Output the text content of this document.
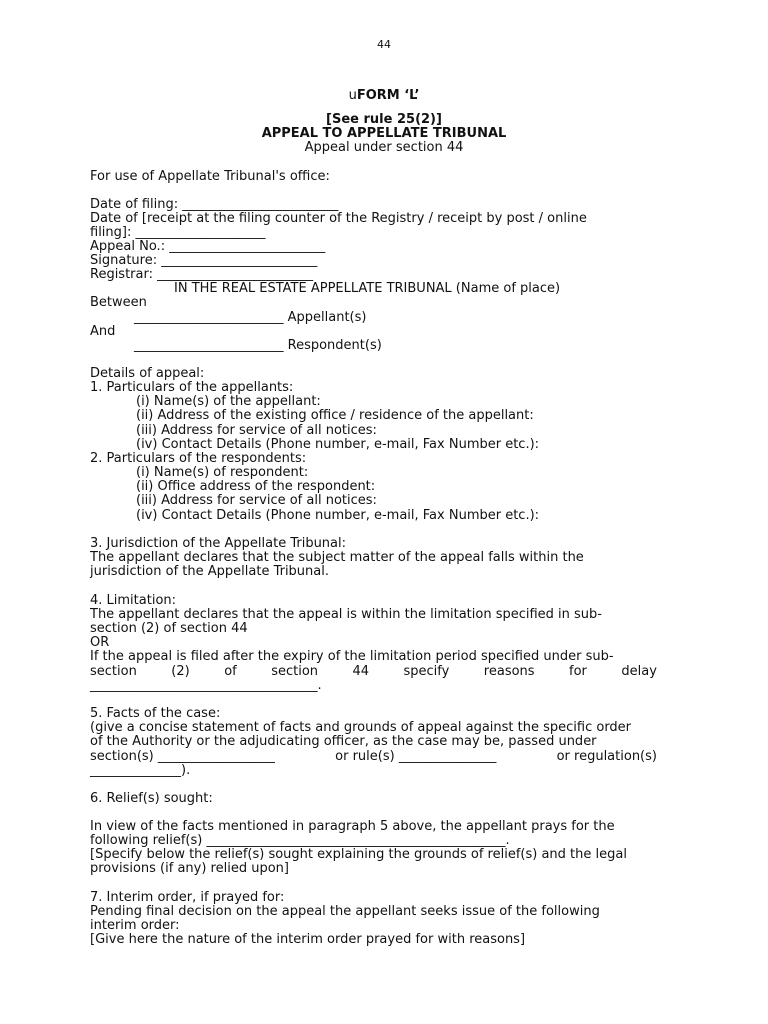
44

uFORM ‘L’

[See rule 25(2)]

APPEAL TO APPELLATE TRIBUNAL

Appeal under section 44

For use of Appellate Tribunal's office:

Date of filing: ________________________

Date of [receipt at the filing counter of the Registry / receipt by post / online

filing]: ____________________

Appeal No.: ________________________

Signature: ________________________

Registrar: ________________________

IN THE REAL ESTATE APPELLATE TRIBUNAL (Name of place)

Between

_______________________ Appellant(s)

And

_______________________ Respondent(s)

Details of appeal:

1. Particulars of the appellants:

(i) Name(s) of the appellant:

(ii) Address of the existing office / residence of the appellant:

(iii) Address for service of all notices:

(iv) Contact Details (Phone number, e-mail, Fax Number etc.):

2. Particulars of the respondents:

(i) Name(s) of respondent:

(ii) Office address of the respondent:

(iii) Address for service of all notices:

(iv) Contact Details (Phone number, e-mail, Fax Number etc.):

3. Jurisdiction of the Appellate Tribunal:

The appellant declares that the subject matter of the appeal falls within the

jurisdiction of the Appellate Tribunal.

4. Limitation:

The appellant declares that the appeal is within the limitation specified in sub-

section (2) of section 44

OR

If the appeal is filed after the expiry of the limitation period specified under sub-

section	(2)	of	section	44	specify	reasons	for	delay

___________________________________.

5. Facts of the case:

(give a concise statement of facts and grounds of appeal against the specific order

of the Authority or the adjudicating officer, as the case may be, passed under

section(s) __________________	or rule(s) _______________	or regulation(s)

______________).

6. Relief(s) sought:

In view of the facts mentioned in paragraph 5 above, the appellant prays for the

following relief(s) ______________________________________________.

[Specify below the relief(s) sought explaining the grounds of relief(s) and the legal

provisions (if any) relied upon]

7. Interim order, if prayed for:

Pending final decision on the appeal the appellant seeks issue of the following

interim order:

[Give here the nature of the interim order prayed for with reasons]
